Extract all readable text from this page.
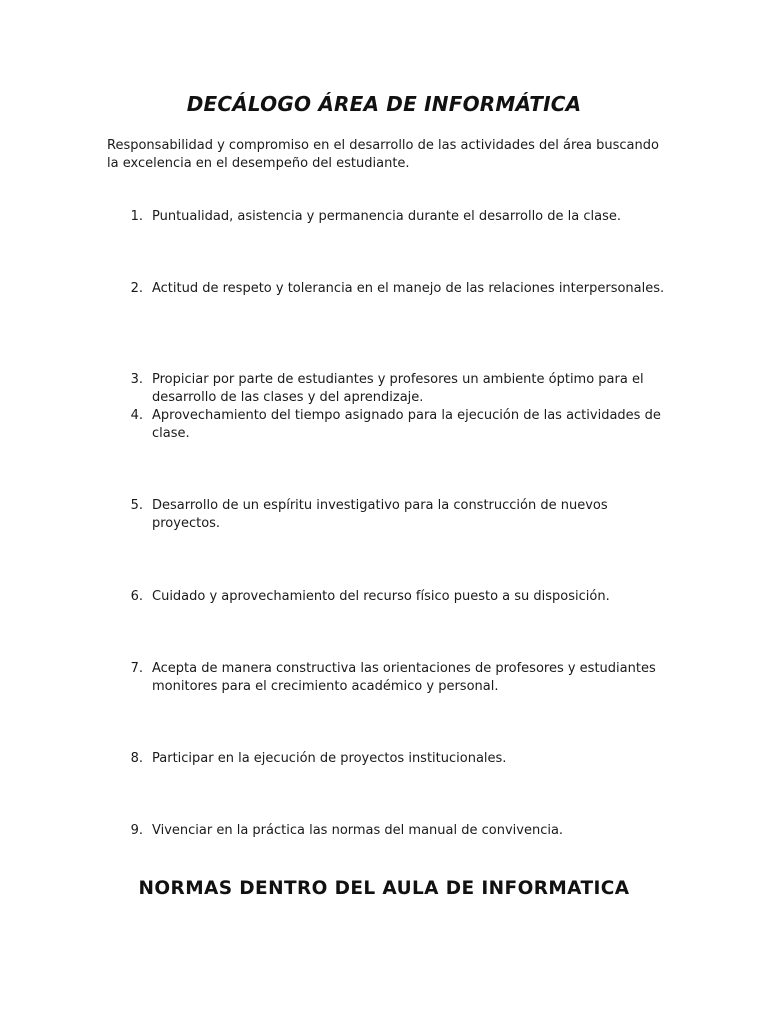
DECÁLOGO ÁREA DE INFORMÁTICA

Responsabilidad y compromiso en el desarrollo de las actividades del área buscando la excelencia en el desempeño del estudiante.

1. Puntualidad, asistencia y permanencia durante el desarrollo de la clase.
2. Actitud de respeto y tolerancia en el manejo de las relaciones interpersonales.
3. Propiciar por parte de estudiantes y profesores un ambiente óptimo para el desarrollo de las clases y del aprendizaje.
4. Aprovechamiento del tiempo asignado para la ejecución de las actividades de clase.
5. Desarrollo de un espíritu investigativo para la construcción de nuevos proyectos.
6. Cuidado y aprovechamiento del recurso físico puesto a su disposición.
7. Acepta de manera constructiva las orientaciones de profesores y estudiantes monitores para el crecimiento académico y personal.
8. Participar en la ejecución de proyectos institucionales.
9. Vivenciar en la práctica las normas del manual de convivencia.
NORMAS DENTRO DEL AULA DE INFORMATICA
